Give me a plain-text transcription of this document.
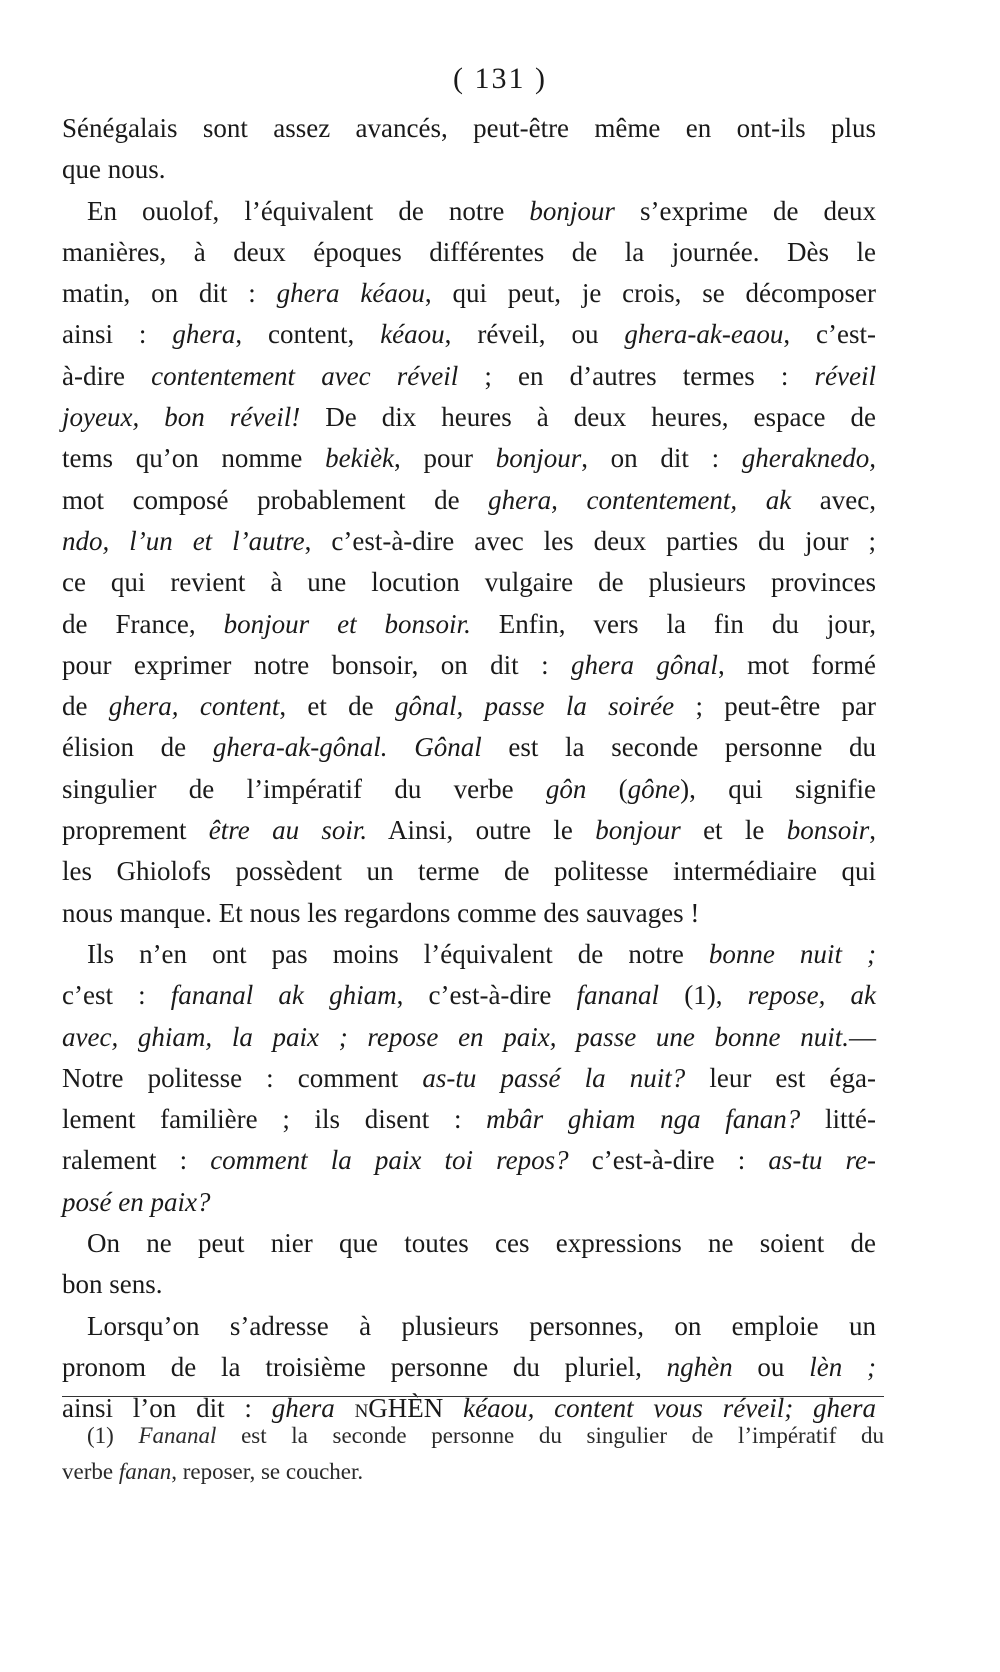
( 131 )
Sénégalais sont assez avancés, peut-être même en ont-ils plus
que nous.
En ouolof, l’équivalent de notre bonjour s’exprime de deux
manières, à deux époques différentes de la journée. Dès le
matin, on dit : ghera kéaou, qui peut, je crois, se décomposer
ainsi : ghera, content, kéaou, réveil, ou ghera-ak-eaou, c’est-
à-dire contentement avec réveil ; en d’autres termes : réveil
joyeux, bon réveil! De dix heures à deux heures, espace de
tems qu’on nomme bekièk, pour bonjour, on dit : gheraknedo,
mot composé probablement de ghera, contentement, ak avec,
ndo, l’un et l’autre, c’est-à-dire avec les deux parties du jour ;
ce qui revient à une locution vulgaire de plusieurs provinces
de France, bonjour et bonsoir. Enfin, vers la fin du jour,
pour exprimer notre bonsoir, on dit : ghera gônal, mot formé
de ghera, content, et de gônal, passe la soirée ; peut-être par
élision de ghera-ak-gônal. Gônal est la seconde personne du
singulier de l’impératif du verbe gôn (gône), qui signifie
proprement être au soir. Ainsi, outre le bonjour et le bonsoir,
les Ghiolofs possèdent un terme de politesse intermédiaire qui
nous manque. Et nous les regardons comme des sauvages !
Ils n’en ont pas moins l’équivalent de notre bonne nuit ;
c’est : fananal ak ghiam, c’est-à-dire fananal (1), repose, ak
avec, ghiam, la paix ; repose en paix, passe une bonne nuit.—
Notre politesse : comment as-tu passé la nuit? leur est éga-
lement familière ; ils disent : mbâr ghiam nga fanan? litté-
ralement : comment la paix toi repos? c’est-à-dire : as-tu re-
posé en paix?
On ne peut nier que toutes ces expressions ne soient de
bon sens.
Lorsqu’on s’adresse à plusieurs personnes, on emploie un
pronom de la troisième personne du pluriel, nghèn ou lèn ;
ainsi l’on dit : ghera nGHÈN kéaou, content vous réveil; ghera
(1) Fananal est la seconde personne du singulier de l’impératif du
verbe fanan , reposer, se coucher.
